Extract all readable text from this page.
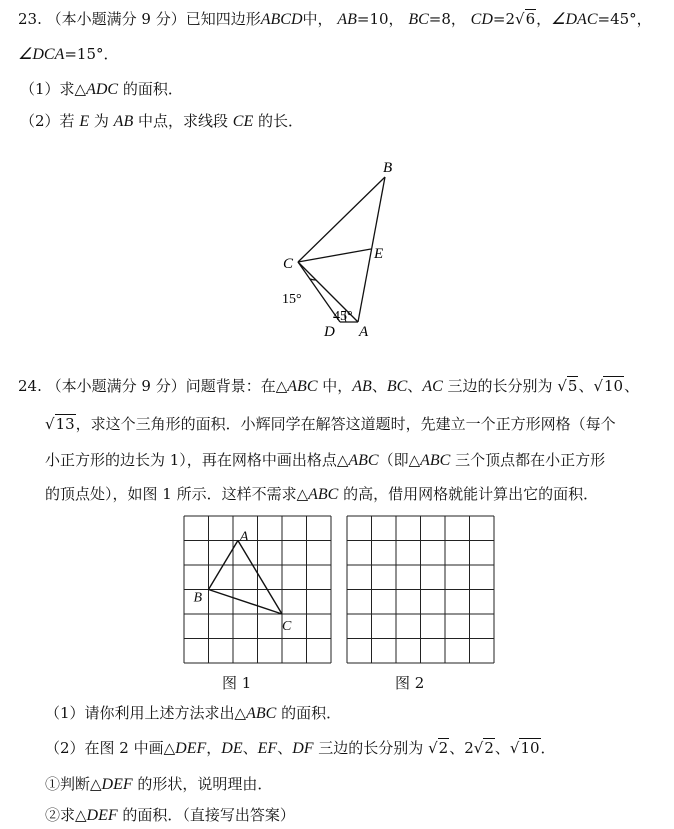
23. （本小题满分 9 分）已知四边形ABCD中， AB=10， BC=8， CD=2√6，∠DAC=45°，
∠DCA=15°．
（1）求△ADC 的面积．
（2）若 E 为 AB 中点，求线段 CE 的长．
B
C
E
D A
15°
45°
24. （本小题满分 9 分）问题背景：在△ABC 中，AB、BC、AC 三边的长分别为 √5、√10、
√13，求这个三角形的面积．小辉同学在解答这道题时，先建立一个正方形网格（每个
小正方形的边长为 1），再在网格中画出格点△ABC（即△ABC 三个顶点都在小正方形
的顶点处），如图 1 所示．这样不需求△ABC 的高，借用网格就能计算出它的面积．
A
B
C
图 1	图 2
（1）请你利用上述方法求出△ABC 的面积．
（2）在图 2 中画△DEF，DE、EF、DF 三边的长分别为 √2、2√2、√10．
①判断△DEF 的形状，说明理由．
②求△DEF 的面积．（直接写出答案）
